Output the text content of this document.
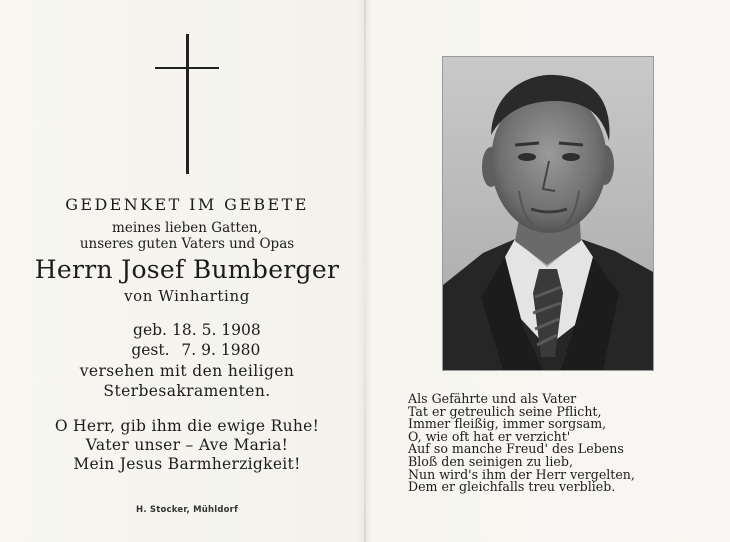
GEDENKET IM GEBETE
meines lieben Gatten,
unseres guten Vaters und Opas
Herrn Josef Bumberger
von Winharting
geb. 18. 5. 1908
gest. 7. 9. 1980
versehen mit den heiligen
Sterbesakramenten.
O Herr, gib ihm die ewige Ruhe!
Vater unser – Ave Maria!
Mein Jesus Barmherzigkeit!
H. Stocker, Mühldorf
Als Gefährte und als Vater
Tat er getreulich seine Pflicht,
Immer fleißig, immer sorgsam,
O, wie oft hat er verzicht'
Auf so manche Freud' des Lebens
Bloß den seinigen zu lieb,
Nun wird's ihm der Herr vergelten,
Dem er gleichfalls treu verblieb.
